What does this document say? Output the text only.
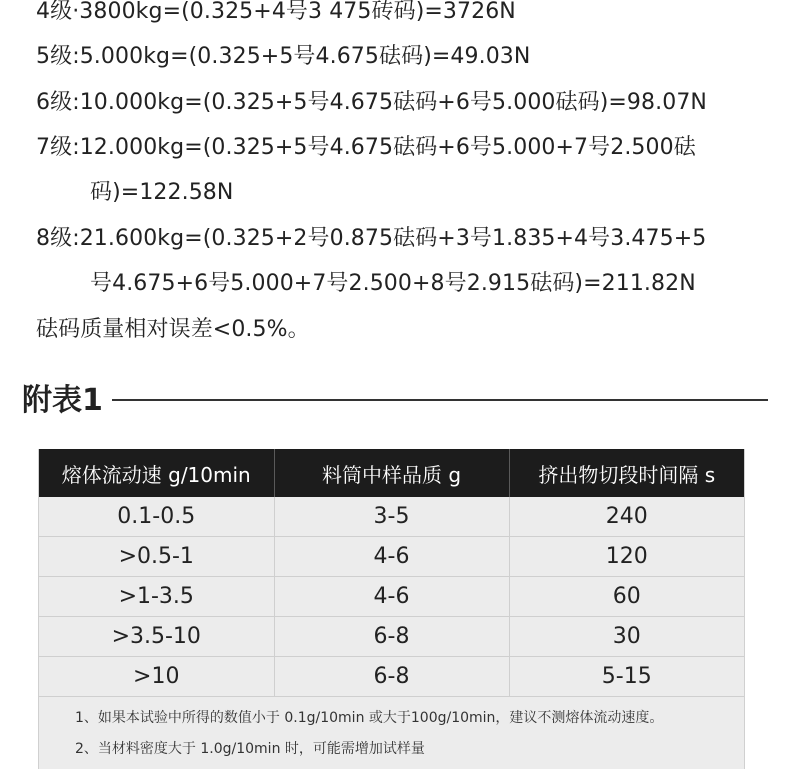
4级·3800kg=(0.325+4号3 475砖码)=3726N
5级:5.000kg=(0.325+5号4.675砝码)=49.03N
6级:10.000kg=(0.325+5号4.675砝码+6号5.000砝码)=98.07N
7级:12.000kg=(0.325+5号4.675砝码+6号5.000+7号2.500砝
码)=122.58N
8级:21.600kg=(0.325+2号0.875砝码+3号1.835+4号3.475+5
号4.675+6号5.000+7号2.500+8号2.915砝码)=211.82N
砝码质量相对误差<0.5%。
附表1
熔体流动速 g/10min	料筒中样品质 g	挤出物切段时间隔 s
0.1-0.5	3-5	240
>0.5-1	4-6	120
>1-3.5	4-6	60
>3.5-10	6-8	30
>10	6-8	5-15
1、如果本试验中所得的数值小于 0.1g/10min 或大于100g/10min，建议不测熔体流动速度。
2、当材料密度大于 1.0g/10min 时，可能需增加试样量
